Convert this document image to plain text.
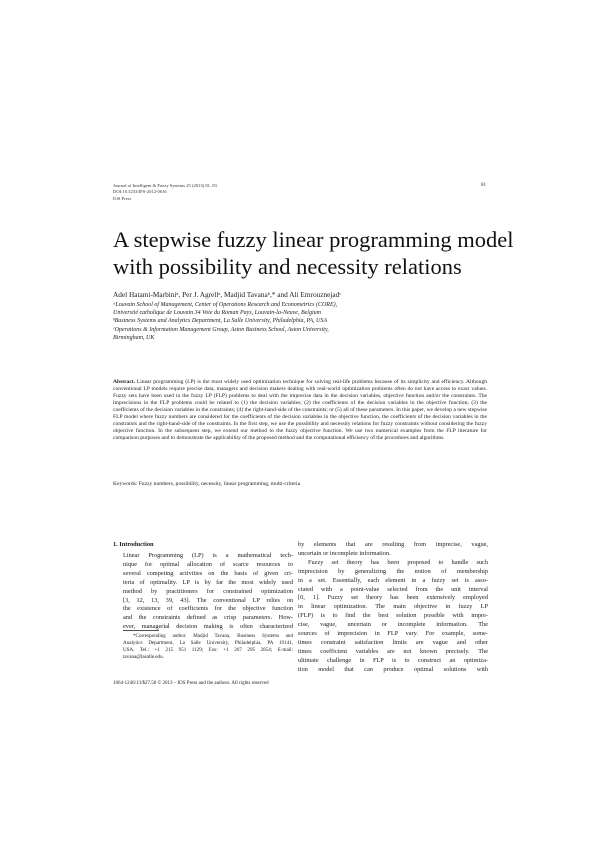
Journal of Intelligent & Fuzzy Systems 25 (2013) 81–93
DOI:10.3233/IFS-2012-0616
IOS Press
81
A stepwise fuzzy linear programming model
with possibility and necessity relations
Adel Hatami-Marbiniᵃ, Per J. Agrellᵃ, Madjid Tavanaᵇ,* and Ali Emrouznejadᶜ
ᵃLouvain School of Management, Center of Operations Research and Econometrics (CORE),
Université catholique de Louvain 34 Voie du Roman Pays, Louvain-la-Neuve, Belgium
ᵇBusiness Systems and Analytics Department, La Salle University, Philadelphia, PA, USA
ᶜOperations & Information Management Group, Aston Business School, Aston University,
Birmingham, UK
Abstract. Linear programming (LP) is the most widely used optimization technique for solving real-life problems because of its simplicity and efficiency. Although conventional LP models require precise data, managers and decision makers dealing with real-world optimization problems often do not have access to exact values. Fuzzy sets have been used in the fuzzy LP (FLP) problems to deal with the imprecise data in the decision variables, objective function and/or the constraints. The imprecisions in the FLP problems could be related to (1) the decision variables; (2) the coefficients of the decision variables in the objective function; (3) the coefficients of the decision variables in the constraints; (4) the right-hand-side of the constraints; or (5) all of these parameters. In this paper, we develop a new stepwise FLP model where fuzzy numbers are considered for the coefficients of the decision variables in the objective function, the coefficients of the decision variables in the constraints and the right-hand-side of the constraints. In the first step, we use the possibility and necessity relations for fuzzy constraints without considering the fuzzy objective function. In the subsequent step, we extend our method to the fuzzy objective function. We use two numerical examples from the FLP literature for comparison purposes and to demonstrate the applicability of the proposed method and the computational efficiency of the procedures and algorithms.
Keywords: Fuzzy numbers, possibility, necessity, linear programming, multi-criteria
1. Introduction
Linear Programming (LP) is a mathematical tech-
nique for optimal allocation of scarce resources to
several competing activities on the basis of given cri-
teria of optimality. LP is by far the most widely used
method by practitioners for constrained optimization
[3, 12, 13, 39, 43]. The conventional LP relies on
the existence of coefficients for the objective function
and the constraints defined as crisp parameters. How-
ever, managerial decision making is often characterized
*Corresponding author. Madjid Tavana, Business Systems and
Analytics Department, La Salle University, Philadelphia, PA 19141,
USA. Tel.: +1 215 951 1129; Fax: +1 267 295 2854; E-mail:
tavana@lasalle.edu.
by elements that are resulting from imprecise, vague,
uncertain or incomplete information.
Fuzzy set theory has been proposed to handle such
imprecision by generalizing the notion of membership
in a set. Essentially, each element in a fuzzy set is asso-
ciated with a point-value selected from the unit interval
[0, 1]. Fuzzy set theory has been extensively employed
in linear optimization. The main objective in fuzzy LP
(FLP) is to find the best solution possible with impre-
cise, vague, uncertain or incomplete information. The
sources of imprecision in FLP vary. For example, some-
times constraint satisfaction limits are vague and other
times coefficient variables are not known precisely. The
ultimate challenge in FLP is to construct an optimiza-
tion model that can produce optimal solutions with
1064-1246/13/$27.50 © 2013 – IOS Press and the authors. All rights reserved
